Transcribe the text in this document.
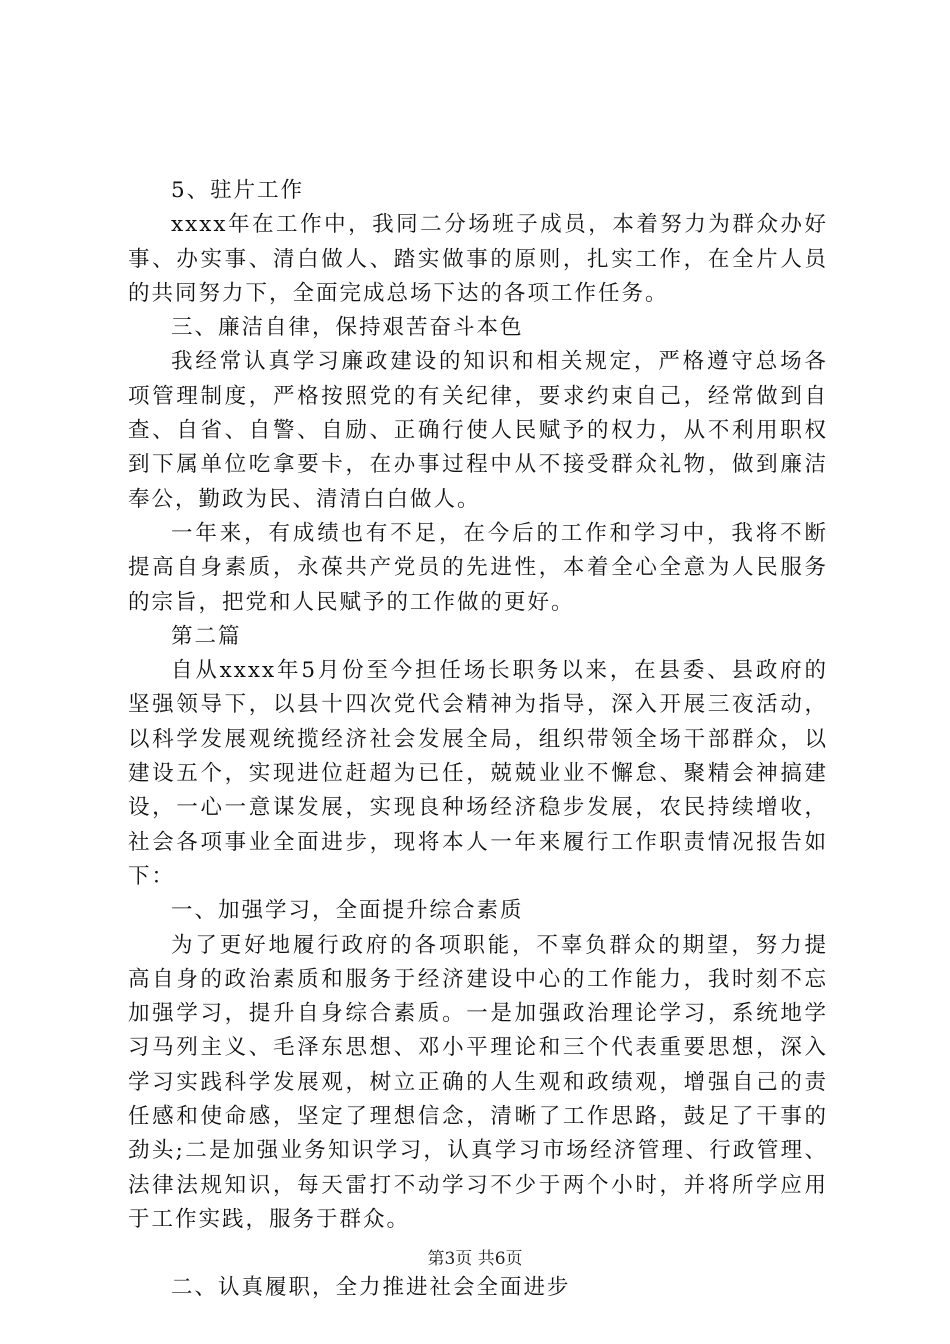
5、驻片工作

xxxx年在工作中，我同二分场班子成员，本着努力为群众办好事、办实事、清白做人、踏实做事的原则，扎实工作，在全片人员的共同努力下，全面完成总场下达的各项工作任务。

三、廉洁自律，保持艰苦奋斗本色

我经常认真学习廉政建设的知识和相关规定，严格遵守总场各项管理制度，严格按照党的有关纪律，要求约束自己，经常做到自查、自省、自警、自励、正确行使人民赋予的权力，从不利用职权到下属单位吃拿要卡，在办事过程中从不接受群众礼物，做到廉洁奉公，勤政为民、清清白白做人。

一年来，有成绩也有不足，在今后的工作和学习中，我将不断提高自身素质，永葆共产党员的先进性，本着全心全意为人民服务的宗旨，把党和人民赋予的工作做的更好。

第二篇

自从xxxx年5月份至今担任场长职务以来，在县委、县政府的坚强领导下，以县十四次党代会精神为指导，深入开展三夜活动，以科学发展观统揽经济社会发展全局，组织带领全场干部群众，以建设五个，实现进位赶超为已任，兢兢业业不懈怠、聚精会神搞建设，一心一意谋发展，实现良种场经济稳步发展，农民持续增收，社会各项事业全面进步，现将本人一年来履行工作职责情况报告如下：

一、加强学习，全面提升综合素质

为了更好地履行政府的各项职能，不辜负群众的期望，努力提高自身的政治素质和服务于经济建设中心的工作能力，我时刻不忘加强学习，提升自身综合素质。一是加强政治理论学习，系统地学习马列主义、毛泽东思想、邓小平理论和三个代表重要思想，深入学习实践科学发展观，树立正确的人生观和政绩观，增强自己的责任感和使命感，坚定了理想信念，清晰了工作思路，鼓足了干事的劲头;二是加强业务知识学习，认真学习市场经济管理、行政管理、法律法规知识，每天雷打不动学习不少于两个小时，并将所学应用于工作实践，服务于群众。

二、认真履职，全力推进社会全面进步

第3页 共6页
